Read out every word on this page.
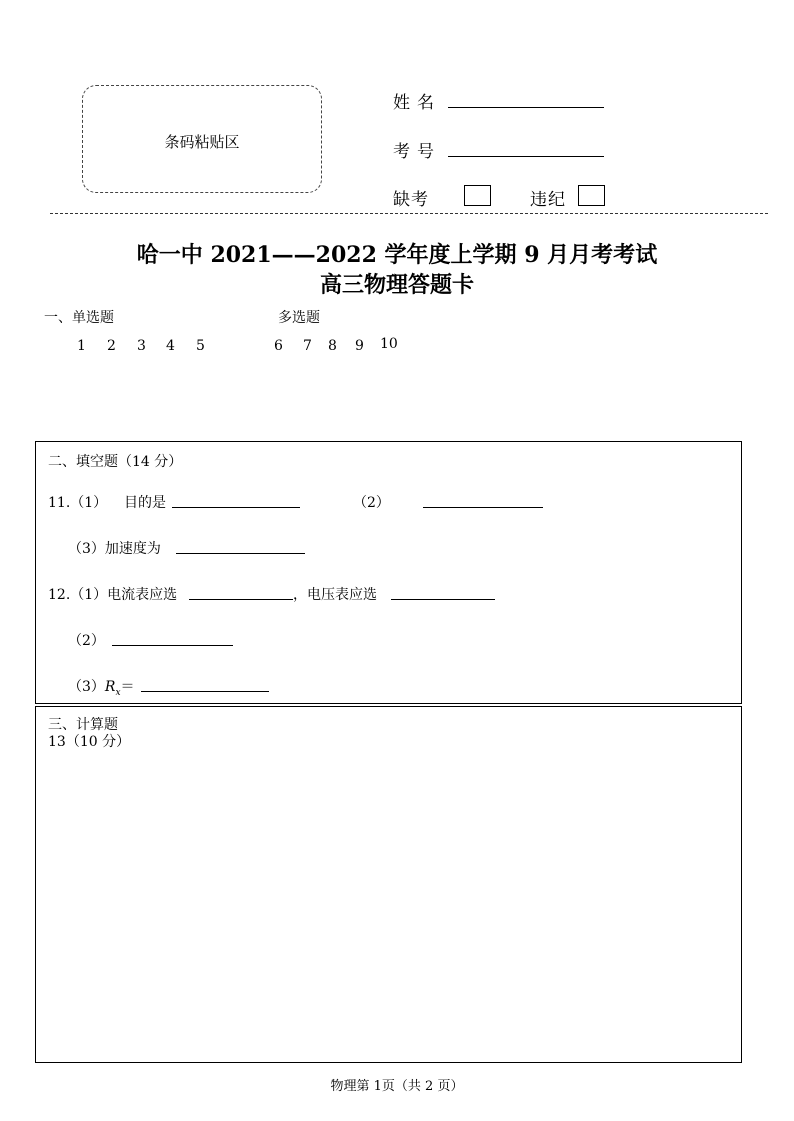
条码粘贴区
姓名
考号
缺考	违纪
哈一中 2021——2022 学年度上学期 9 月月考考试
高三物理答题卡
一、单选题	多选题
1 2 3 4 5	6 7 8 9 10
二、填空题（14 分）
11.（1） 目的是	（2）
（3）加速度为
12.（1）电流表应选	，电压表应选
（2）
$(3)R_x=$
三、计算题
13（10 分）
物理第 1页（共 2 页）
